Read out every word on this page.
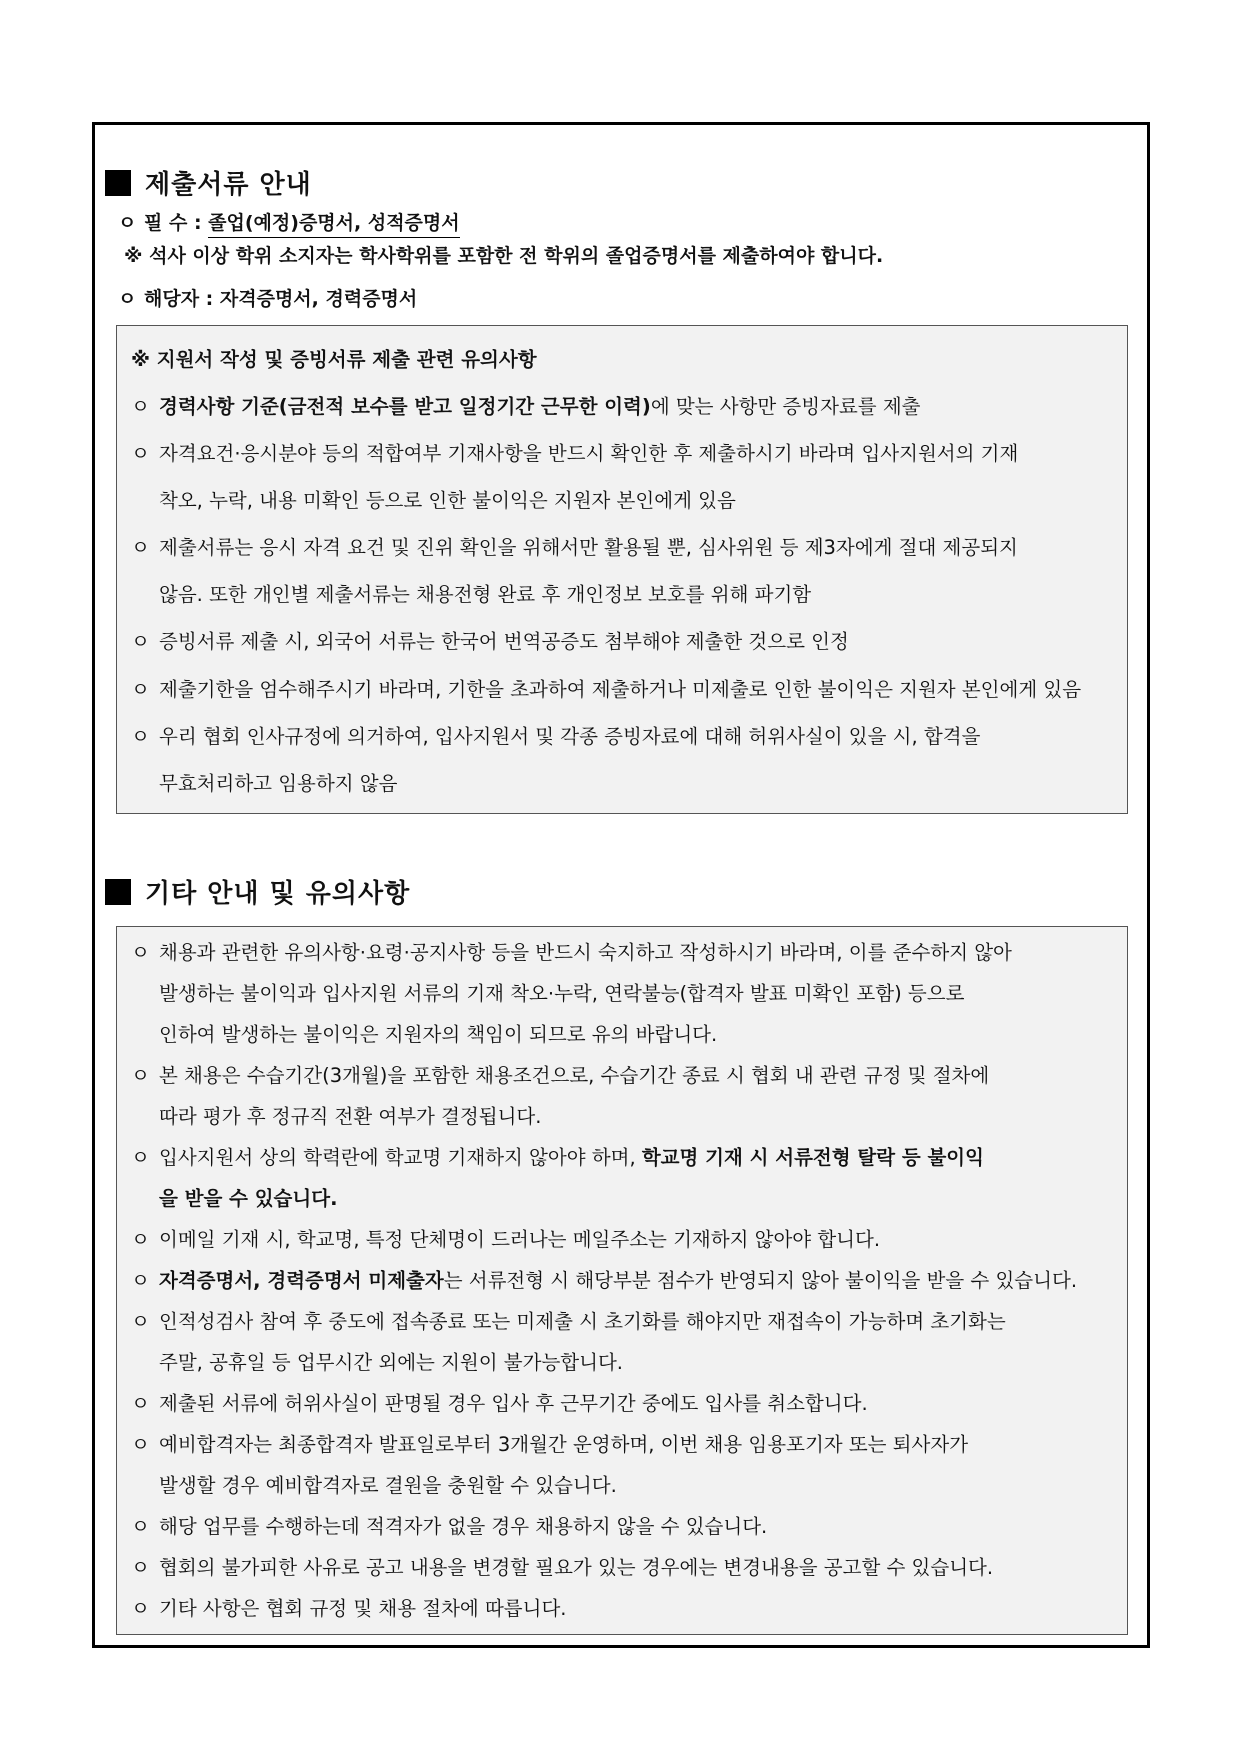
제출서류 안내
ㅇ 필 수 : 졸업(예정)증명서, 성적증명서
※ 석사 이상 학위 소지자는 학사학위를 포함한 전 학위의 졸업증명서를 제출하여야 합니다.
ㅇ 해당자 : 자격증명서, 경력증명서
※ 지원서 작성 및 증빙서류 제출 관련 유의사항
ㅇ 경력사항 기준(금전적 보수를 받고 일정기간 근무한 이력)에 맞는 사항만 증빙자료를 제출
ㅇ 자격요건·응시분야 등의 적합여부 기재사항을 반드시 확인한 후 제출하시기 바라며 입사지원서의 기재
착오, 누락, 내용 미확인 등으로 인한 불이익은 지원자 본인에게 있음
ㅇ 제출서류는 응시 자격 요건 및 진위 확인을 위해서만 활용될 뿐, 심사위원 등 제3자에게 절대 제공되지
않음. 또한 개인별 제출서류는 채용전형 완료 후 개인정보 보호를 위해 파기함
ㅇ 증빙서류 제출 시, 외국어 서류는 한국어 번역공증도 첨부해야 제출한 것으로 인정
ㅇ 제출기한을 엄수해주시기 바라며, 기한을 초과하여 제출하거나 미제출로 인한 불이익은 지원자 본인에게 있음
ㅇ 우리 협회 인사규정에 의거하여, 입사지원서 및 각종 증빙자료에 대해 허위사실이 있을 시, 합격을
무효처리하고 임용하지 않음
기타 안내 및 유의사항
ㅇ 채용과 관련한 유의사항·요령·공지사항 등을 반드시 숙지하고 작성하시기 바라며, 이를 준수하지 않아
발생하는 불이익과 입사지원 서류의 기재 착오·누락, 연락불능(합격자 발표 미확인 포함) 등으로
인하여 발생하는 불이익은 지원자의 책임이 되므로 유의 바랍니다.
ㅇ 본 채용은 수습기간(3개월)을 포함한 채용조건으로, 수습기간 종료 시 협회 내 관련 규정 및 절차에
따라 평가 후 정규직 전환 여부가 결정됩니다.
ㅇ 입사지원서 상의 학력란에 학교명 기재하지 않아야 하며, 학교명 기재 시 서류전형 탈락 등 불이익
을 받을 수 있습니다.
ㅇ 이메일 기재 시, 학교명, 특정 단체명이 드러나는 메일주소는 기재하지 않아야 합니다.
ㅇ 자격증명서, 경력증명서 미제출자는 서류전형 시 해당부분 점수가 반영되지 않아 불이익을 받을 수 있습니다.
ㅇ 인적성검사 참여 후 중도에 접속종료 또는 미제출 시 초기화를 해야지만 재접속이 가능하며 초기화는
주말, 공휴일 등 업무시간 외에는 지원이 불가능합니다.
ㅇ 제출된 서류에 허위사실이 판명될 경우 입사 후 근무기간 중에도 입사를 취소합니다.
ㅇ 예비합격자는 최종합격자 발표일로부터 3개월간 운영하며, 이번 채용 임용포기자 또는 퇴사자가
발생할 경우 예비합격자로 결원을 충원할 수 있습니다.
ㅇ 해당 업무를 수행하는데 적격자가 없을 경우 채용하지 않을 수 있습니다.
ㅇ 협회의 불가피한 사유로 공고 내용을 변경할 필요가 있는 경우에는 변경내용을 공고할 수 있습니다.
ㅇ 기타 사항은 협회 규정 및 채용 절차에 따릅니다.
